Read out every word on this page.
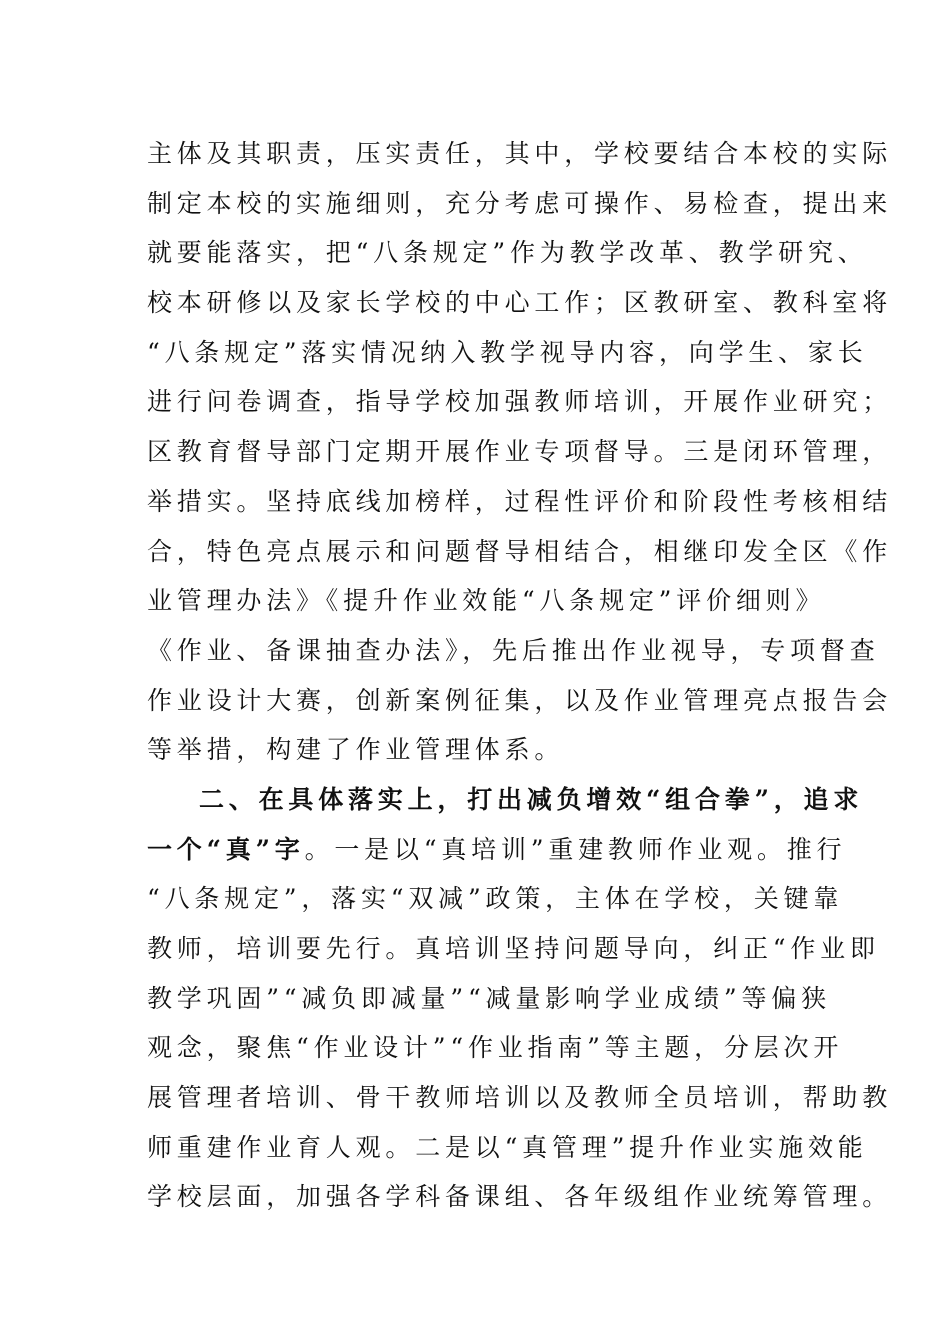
主体及其职责，压实责任，其中，学校要结合本校的实际
制定本校的实施细则，充分考虑可操作、易检查，提出来
就要能落实，把“八条规定”作为教学改革、教学研究、
校本研修以及家长学校的中心工作；区教研室、教科室将
“八条规定”落实情况纳入教学视导内容，向学生、家长
进行问卷调查，指导学校加强教师培训，开展作业研究；
区教育督导部门定期开展作业专项督导。三是闭环管理，
举措实。坚持底线加榜样，过程性评价和阶段性考核相结
合，特色亮点展示和问题督导相结合，相继印发全区《作
业管理办法》《提升作业效能“八条规定”评价细则》
《作业、备课抽查办法》，先后推出作业视导，专项督查
作业设计大赛，创新案例征集，以及作业管理亮点报告会
等举措，构建了作业管理体系。
二、在具体落实上，打出减负增效“组合拳”，追求
一个“真”字。一是以“真培训”重建教师作业观。推行
“八条规定”，落实“双减”政策，主体在学校，关键靠
教师，培训要先行。真培训坚持问题导向，纠正“作业即
教学巩固”“减负即减量”“减量影响学业成绩”等偏狭
观念，聚焦“作业设计”“作业指南”等主题，分层次开
展管理者培训、骨干教师培训以及教师全员培训，帮助教
师重建作业育人观。二是以“真管理”提升作业实施效能
学校层面，加强各学科备课组、各年级组作业统筹管理。
